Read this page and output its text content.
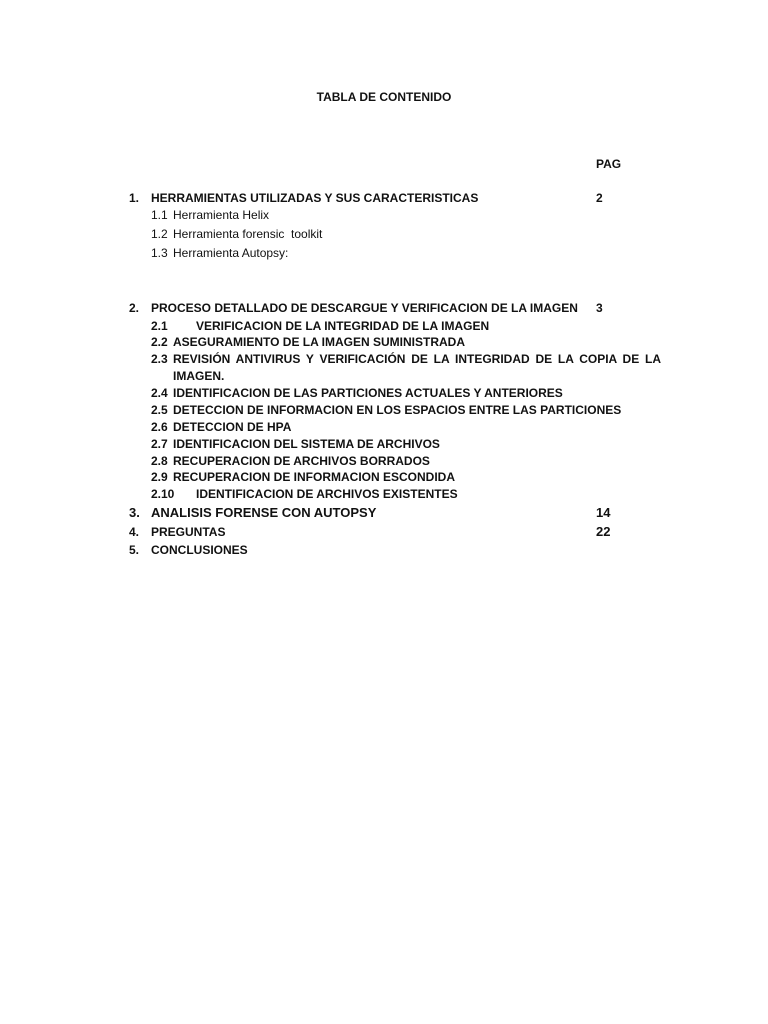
TABLA DE CONTENIDO
PAG
1. HERRAMIENTAS UTILIZADAS Y SUS CARACTERISTICAS	2
1.1 Herramienta Helix
1.2 Herramienta forensic  toolkit
1.3 Herramienta Autopsy:
2. PROCESO DETALLADO DE DESCARGUE Y VERIFICACION DE LA IMAGEN 3
2.1 VERIFICACION DE LA INTEGRIDAD DE LA IMAGEN
2.2 ASEGURAMIENTO DE LA IMAGEN SUMINISTRADA
2.3 REVISIÓN ANTIVIRUS Y VERIFICACIÓN DE LA INTEGRIDAD DE LA COPIA DE LA
IMAGEN.
2.4 IDENTIFICACION DE LAS PARTICIONES ACTUALES Y ANTERIORES
2.5 DETECCION DE INFORMACION EN LOS ESPACIOS ENTRE LAS PARTICIONES
2.6 DETECCION DE HPA
2.7 IDENTIFICACION DEL SISTEMA DE ARCHIVOS
2.8 RECUPERACION DE ARCHIVOS BORRADOS
2.9 RECUPERACION DE INFORMACION ESCONDIDA
2.10 IDENTIFICACION DE ARCHIVOS EXISTENTES
3. ANALISIS FORENSE CON AUTOPSY	14
4. PREGUNTAS	22
5. CONCLUSIONES
